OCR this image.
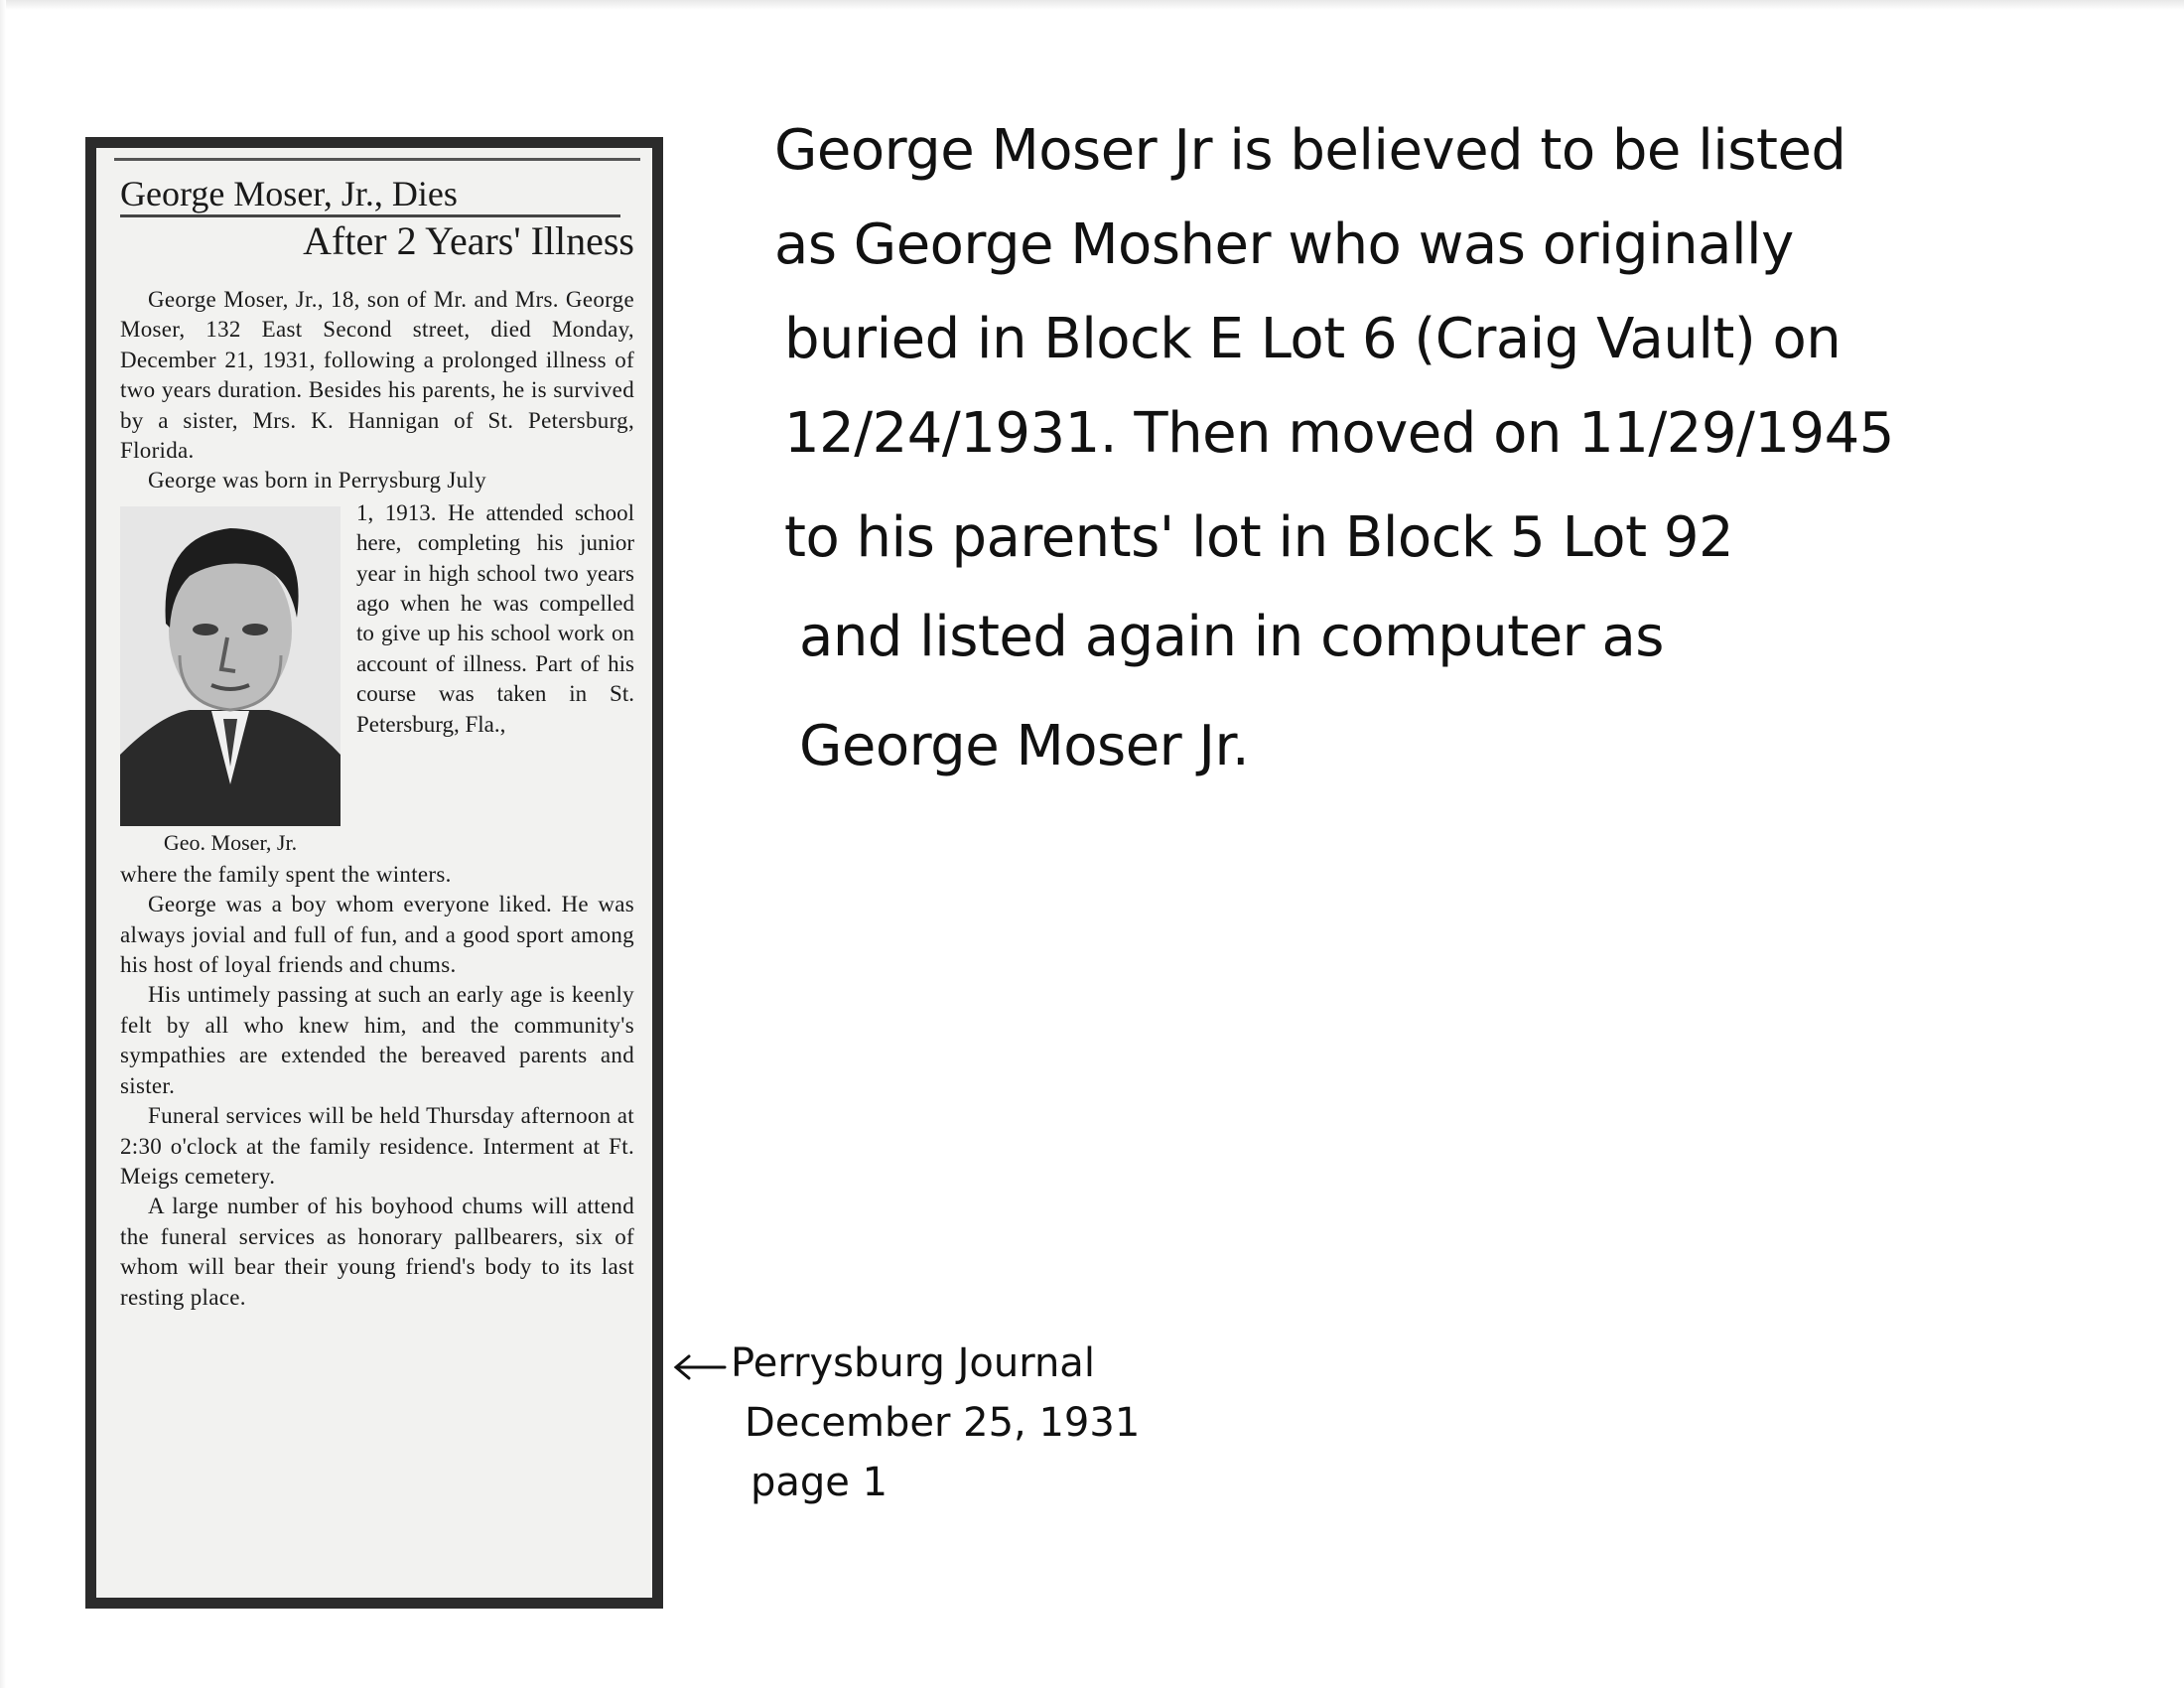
George Moser, Jr., Dies
After 2 Years' Illness

George Moser, Jr., 18, son of Mr. and Mrs. George Moser, 132 East Second street, died Monday, December 21, 1931, following a prolonged illness of two years duration. Besides his parents, he is survived by a sister, Mrs. K. Hannigan of St. Petersburg, Florida.

George was born in Perrysburg July

Geo. Moser, Jr.

1, 1913. He attended school here, completing his junior year in high school two years ago when he was compelled to give up his school work on account of illness. Part of his course was taken in St. Petersburg, Fla.,

where the family spent the winters.

George was a boy whom everyone liked. He was always jovial and full of fun, and a good sport among his host of loyal friends and chums.

His untimely passing at such an early age is keenly felt by all who knew him, and the community's sympathies are extended the bereaved parents and sister.

Funeral services will be held Thursday afternoon at 2:30 o'clock at the family residence. Interment at Ft. Meigs cemetery.

A large number of his boyhood chums will attend the funeral services as honorary pallbearers, six of whom will bear their young friend's body to its last resting place.

George Moser Jr is believed to be listed
as George Mosher who was originally
buried in Block E Lot 6 (Craig Vault) on
12/24/1931. Then moved on 11/29/1945
to his parents' lot in Block 5 Lot 92
and listed again in computer as
George Moser Jr.
Perrysburg Journal
December 25, 1931
page 1
